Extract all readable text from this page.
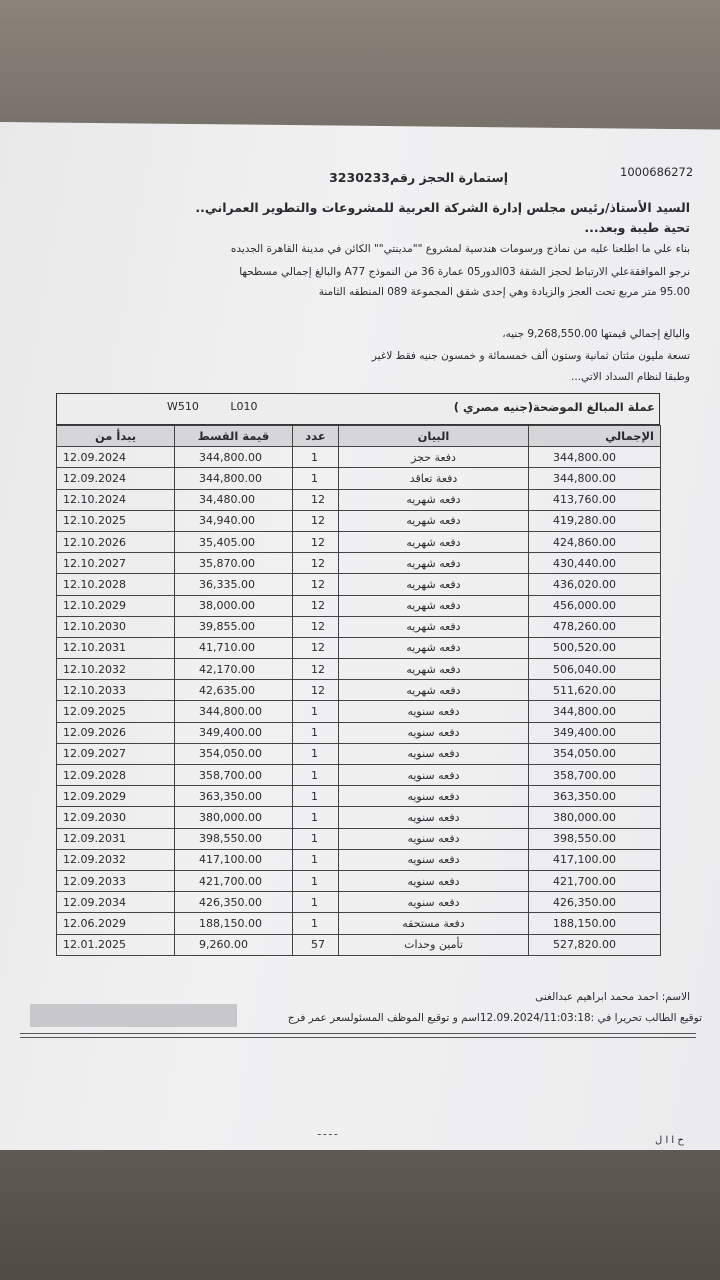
1000686272
إستمارة الحجز رقم3230233
السيد الأستاذ/رئيس مجلس إدارة الشركة العربية للمشروعات والتطوير العمراني..
تحية طيبة وبعد...
بناء علي ما اطلعنا عليه من نماذج ورسومات هندسية لمشروع ""مدينتي"" الكائن في مدينة القاهرة الجديده
نرجو الموافقةعلي الارتباط لحجز الشقة 03الدور05 عمارة 36 من النموذج A77 والبالغ إجمالي مسطحها
95.00 متر مربع تحت العجز والزيادة وهي إحدى شقق المجموعة 089 المنطقه الثامنة
والبالغ إجمالي قيمتها 9,268,550.00 جنيه،
تسعة مليون مئتان ثمانية وستون ألف خمسمائة و خمسون جنيه فقط لاغير
وطبقا لنظام السداد الاتي...
عملة المبالغ الموضحة(جنيه مصري )
W510	L010
يبدأ من	قيمة القسط	عدد	البيان	الإجمالي
12.09.2024	344,800.00	1	دفعة حجز	344,800.00
12.09.2024	344,800.00	1	دفعة تعاقد	344,800.00
12.10.2024	34,480.00	12	دفعه شهريه	413,760.00
12.10.2025	34,940.00	12	دفعه شهريه	419,280.00
12.10.2026	35,405.00	12	دفعه شهريه	424,860.00
12.10.2027	35,870.00	12	دفعه شهريه	430,440.00
12.10.2028	36,335.00	12	دفعه شهريه	436,020.00
12.10.2029	38,000.00	12	دفعه شهريه	456,000.00
12.10.2030	39,855.00	12	دفعه شهريه	478,260.00
12.10.2031	41,710.00	12	دفعه شهريه	500,520.00
12.10.2032	42,170.00	12	دفعه شهريه	506,040.00
12.10.2033	42,635.00	12	دفعه شهريه	511,620.00
12.09.2025	344,800.00	1	دفعه سنويه	344,800.00
12.09.2026	349,400.00	1	دفعه سنويه	349,400.00
12.09.2027	354,050.00	1	دفعه سنويه	354,050.00
12.09.2028	358,700.00	1	دفعه سنويه	358,700.00
12.09.2029	363,350.00	1	دفعه سنويه	363,350.00
12.09.2030	380,000.00	1	دفعه سنويه	380,000.00
12.09.2031	398,550.00	1	دفعه سنويه	398,550.00
12.09.2032	417,100.00	1	دفعه سنويه	417,100.00
12.09.2033	421,700.00	1	دفعه سنويه	421,700.00
12.09.2034	426,350.00	1	دفعه سنويه	426,350.00
12.06.2029	188,150.00	1	دفعة مستحقه	188,150.00
12.01.2025	9,260.00	57	تأمين وحدات	527,820.00
الاسم: احمد محمد ابراهيم عبدالغنى
توقيع الطالب تحريرا في :12.09.2024/11:03:18اسم و توقيع الموظف المسئولسعر عمر فرج
ـ ـ ـ ـ
ح ا ا ل
